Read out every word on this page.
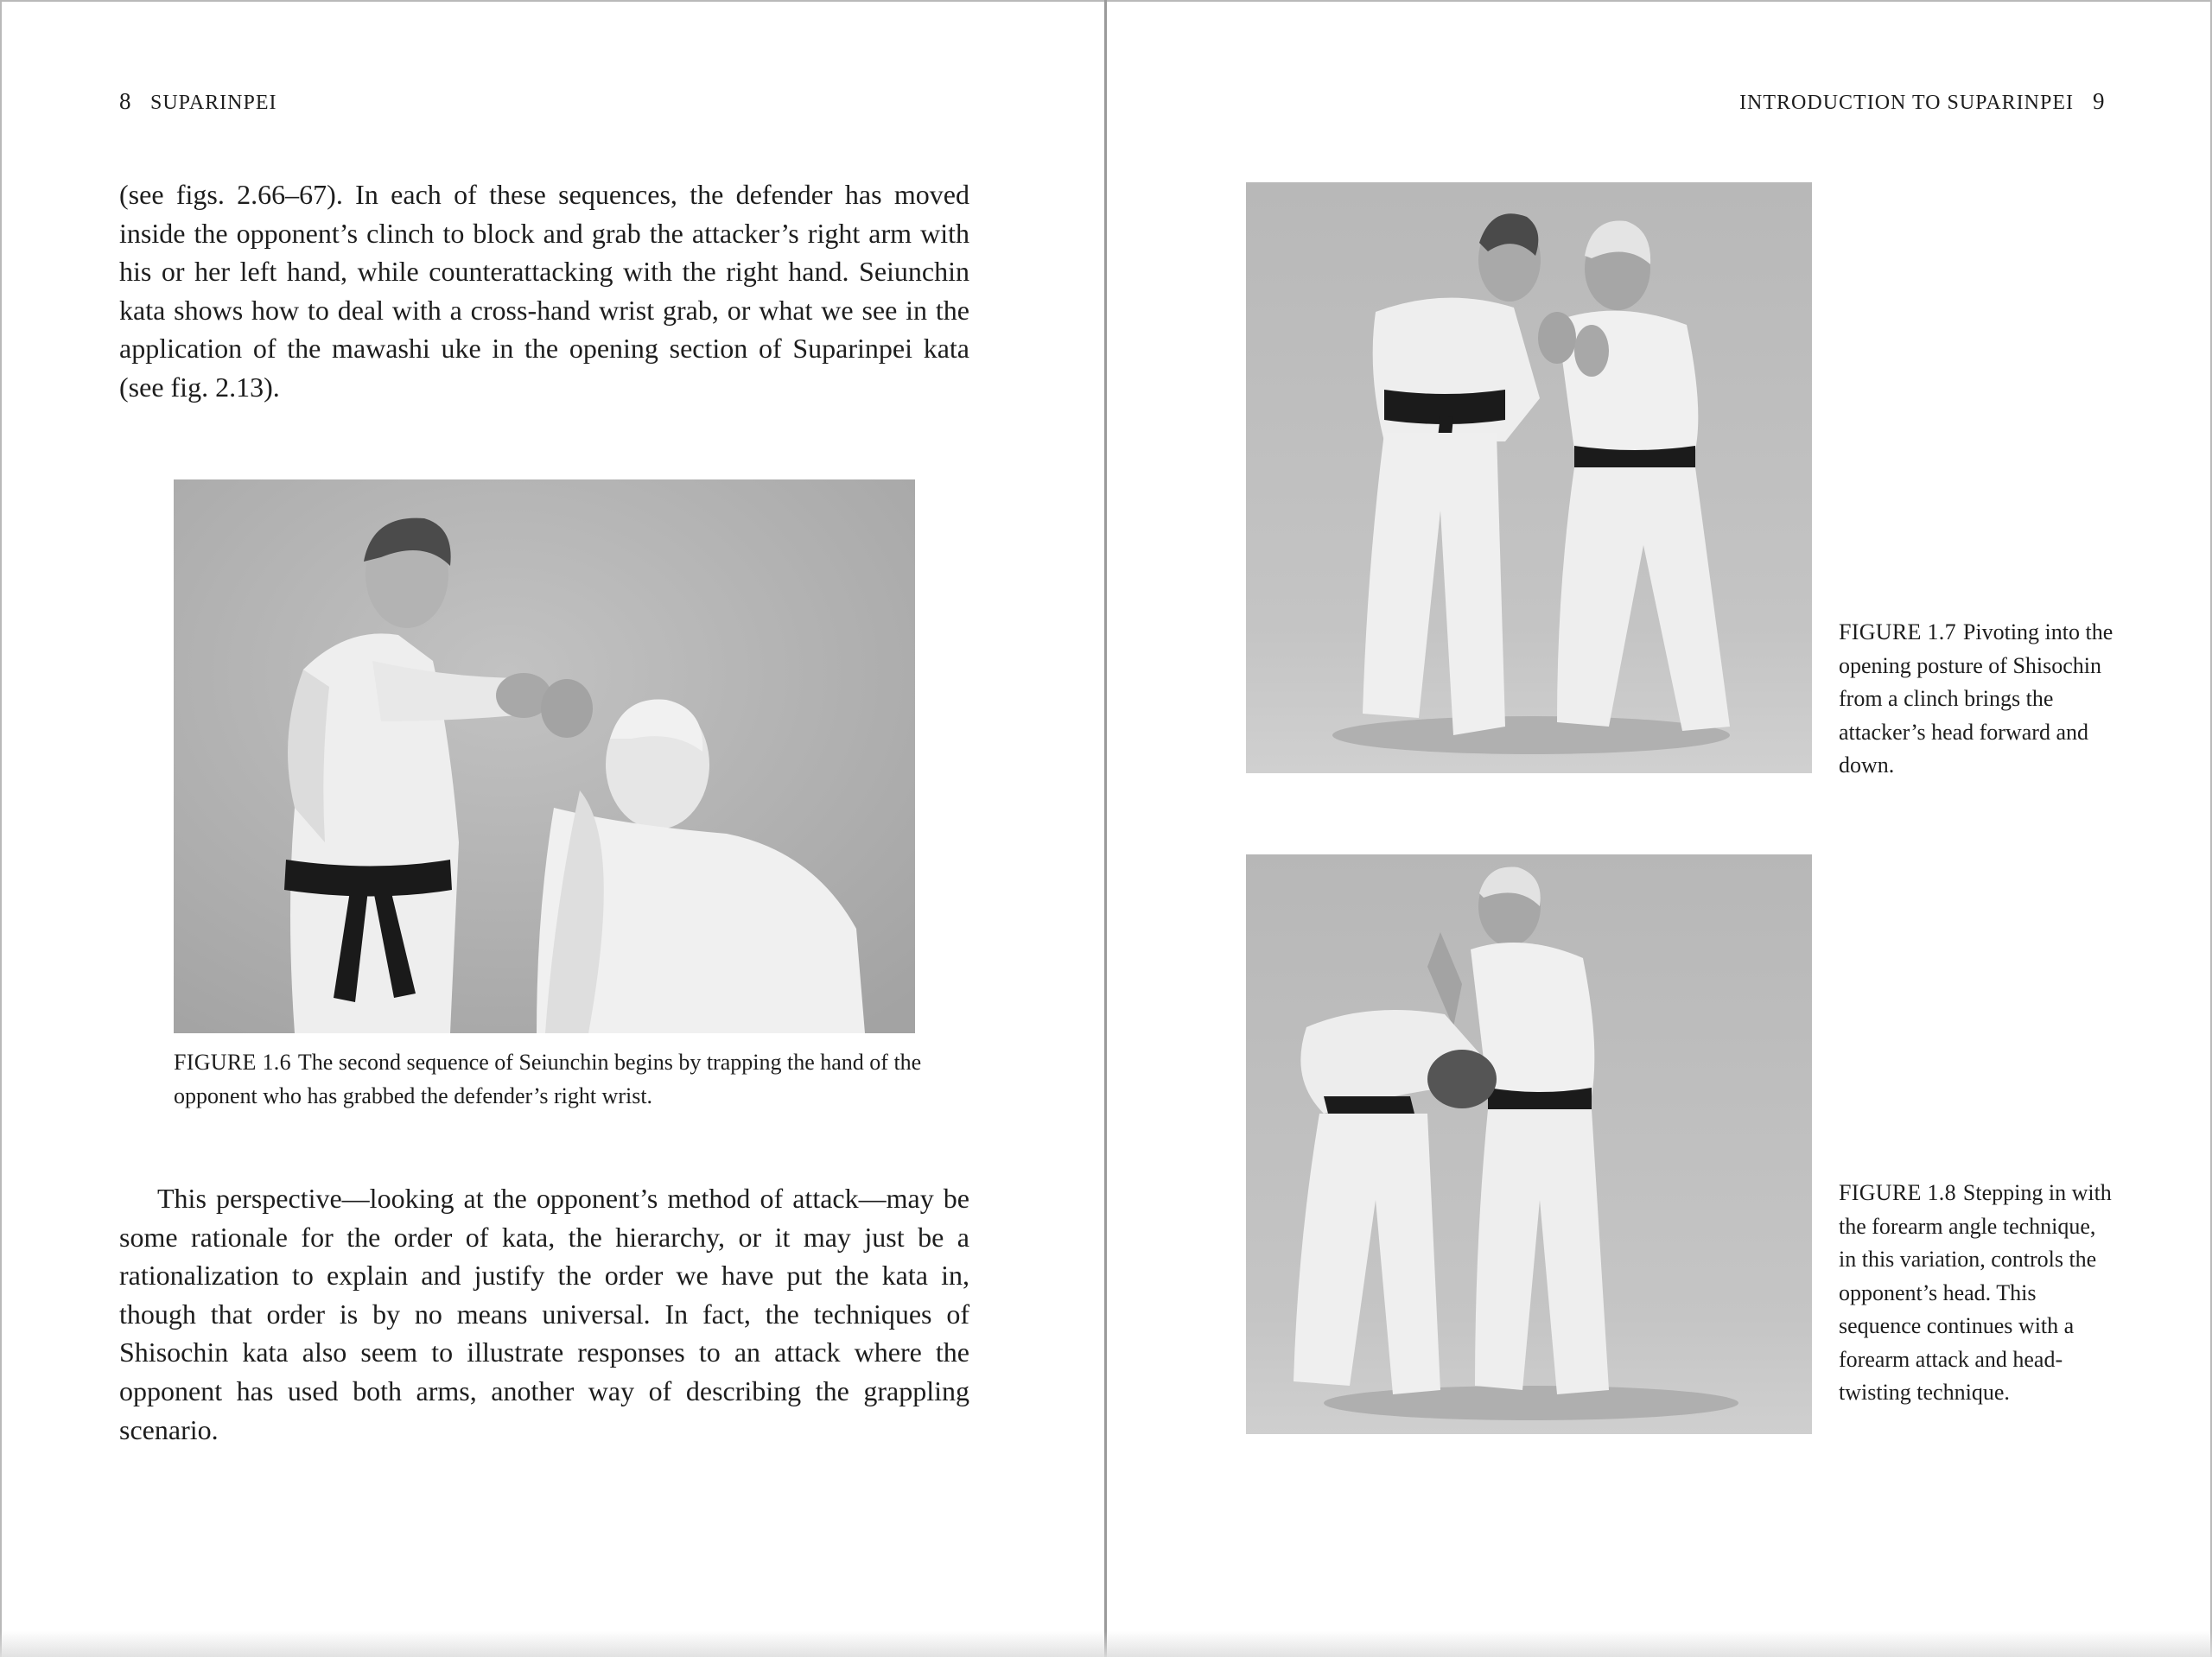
8 SUPARINPEI

(see figs. 2.66–67). In each of these sequences, the defender has moved inside the opponent’s clinch to block and grab the attacker’s right arm with his or her left hand, while counterattacking with the right hand. Seiunchin kata shows how to deal with a cross-hand wrist grab, or what we see in the application of the mawashi uke in the opening section of Suparinpei kata (see fig. 2.13).

FIGURE 1.6 The second sequence of Seiunchin begins by trapping the hand of the opponent who has grabbed the defender’s right wrist.

This perspective—looking at the opponent’s method of attack—may be some rationale for the order of kata, the hierarchy, or it may just be a rationalization to explain and justify the order we have put the kata in, though that order is by no means universal. In fact, the techniques of Shisochin kata also seem to illustrate responses to an attack where the opponent has used both arms, another way of describing the grappling scenario.

INTRODUCTION TO SUPARINPEI 9
FIGURE 1.7 Pivoting into the opening posture of Shisochin from a clinch brings the attacker’s head forward and down.
FIGURE 1.8 Stepping in with the forearm angle technique, in this variation, controls the opponent’s head. This sequence continues with a forearm attack and head-twisting technique.
